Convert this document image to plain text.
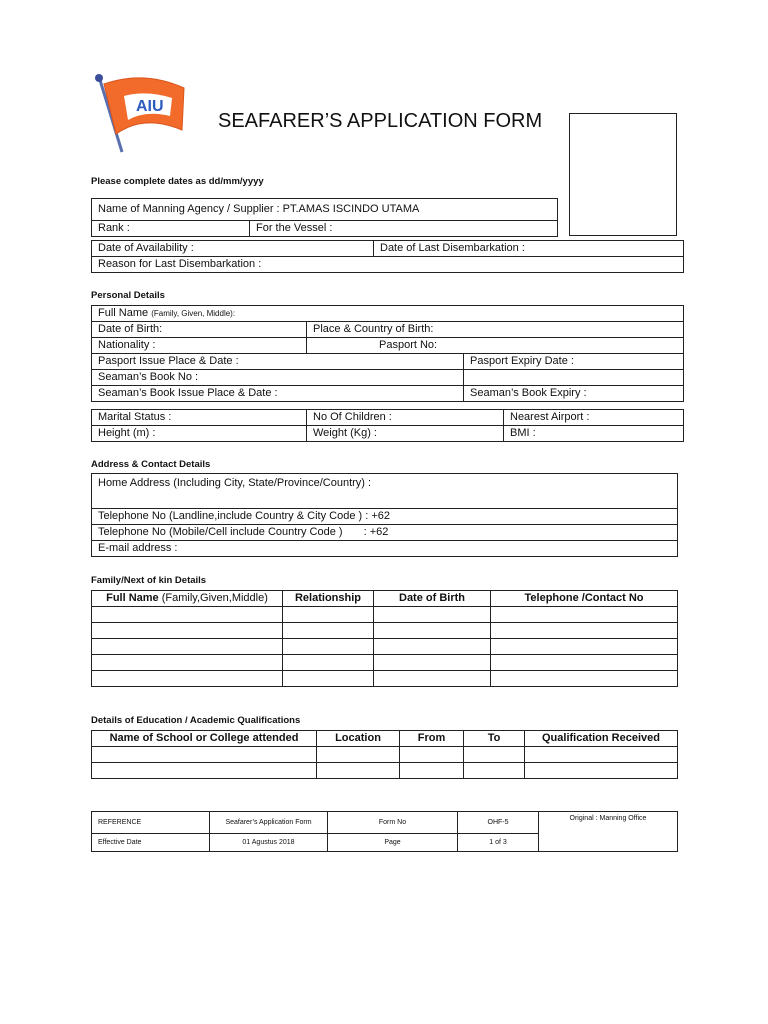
AIU
SEAFARER’S APPLICATION FORM
Please complete dates as dd/mm/yyyy
Name of Manning Agency / Supplier : PT.AMAS ISCINDO UTAMA
Rank :	For the Vessel :
Date of Availability :	Date of Last Disembarkation :
Reason for Last Disembarkation :
Personal Details
Full Name (Family, Given, Middle):		
Date of Birth:	Place & Country of Birth:	
Nationality :	Pasport No:	
Pasport Issue Place & Date :		Pasport Expiry Date :
Seaman’s Book No :		
Seaman’s Book Issue Place & Date :		Seaman’s Book Expiry :
Marital Status :	No Of Children :	Nearest Airport :
Height (m) :	Weight (Kg) :	BMI :
Address & Contact Details
Home Address (Including City, State/Province/Country) :
Telephone No (Landline,include Country & City Code ) : +62
Telephone No (Mobile/Cell include Country Code ) : +62
E-mail address :
Family/Next of kin Details
Full Name (Family,Given,Middle)	Relationship	Date of Birth	Telephone /Contact No

Details of Education / Academic Qualifications
Name of School or College attended	Location	From	To	Qualification Received

REFERENCE	Seafarer’s Application Form	Form No	OHF-5	Original : Manning Office
Effective Date	01 Agustus 2018	Page	1 of 3	
